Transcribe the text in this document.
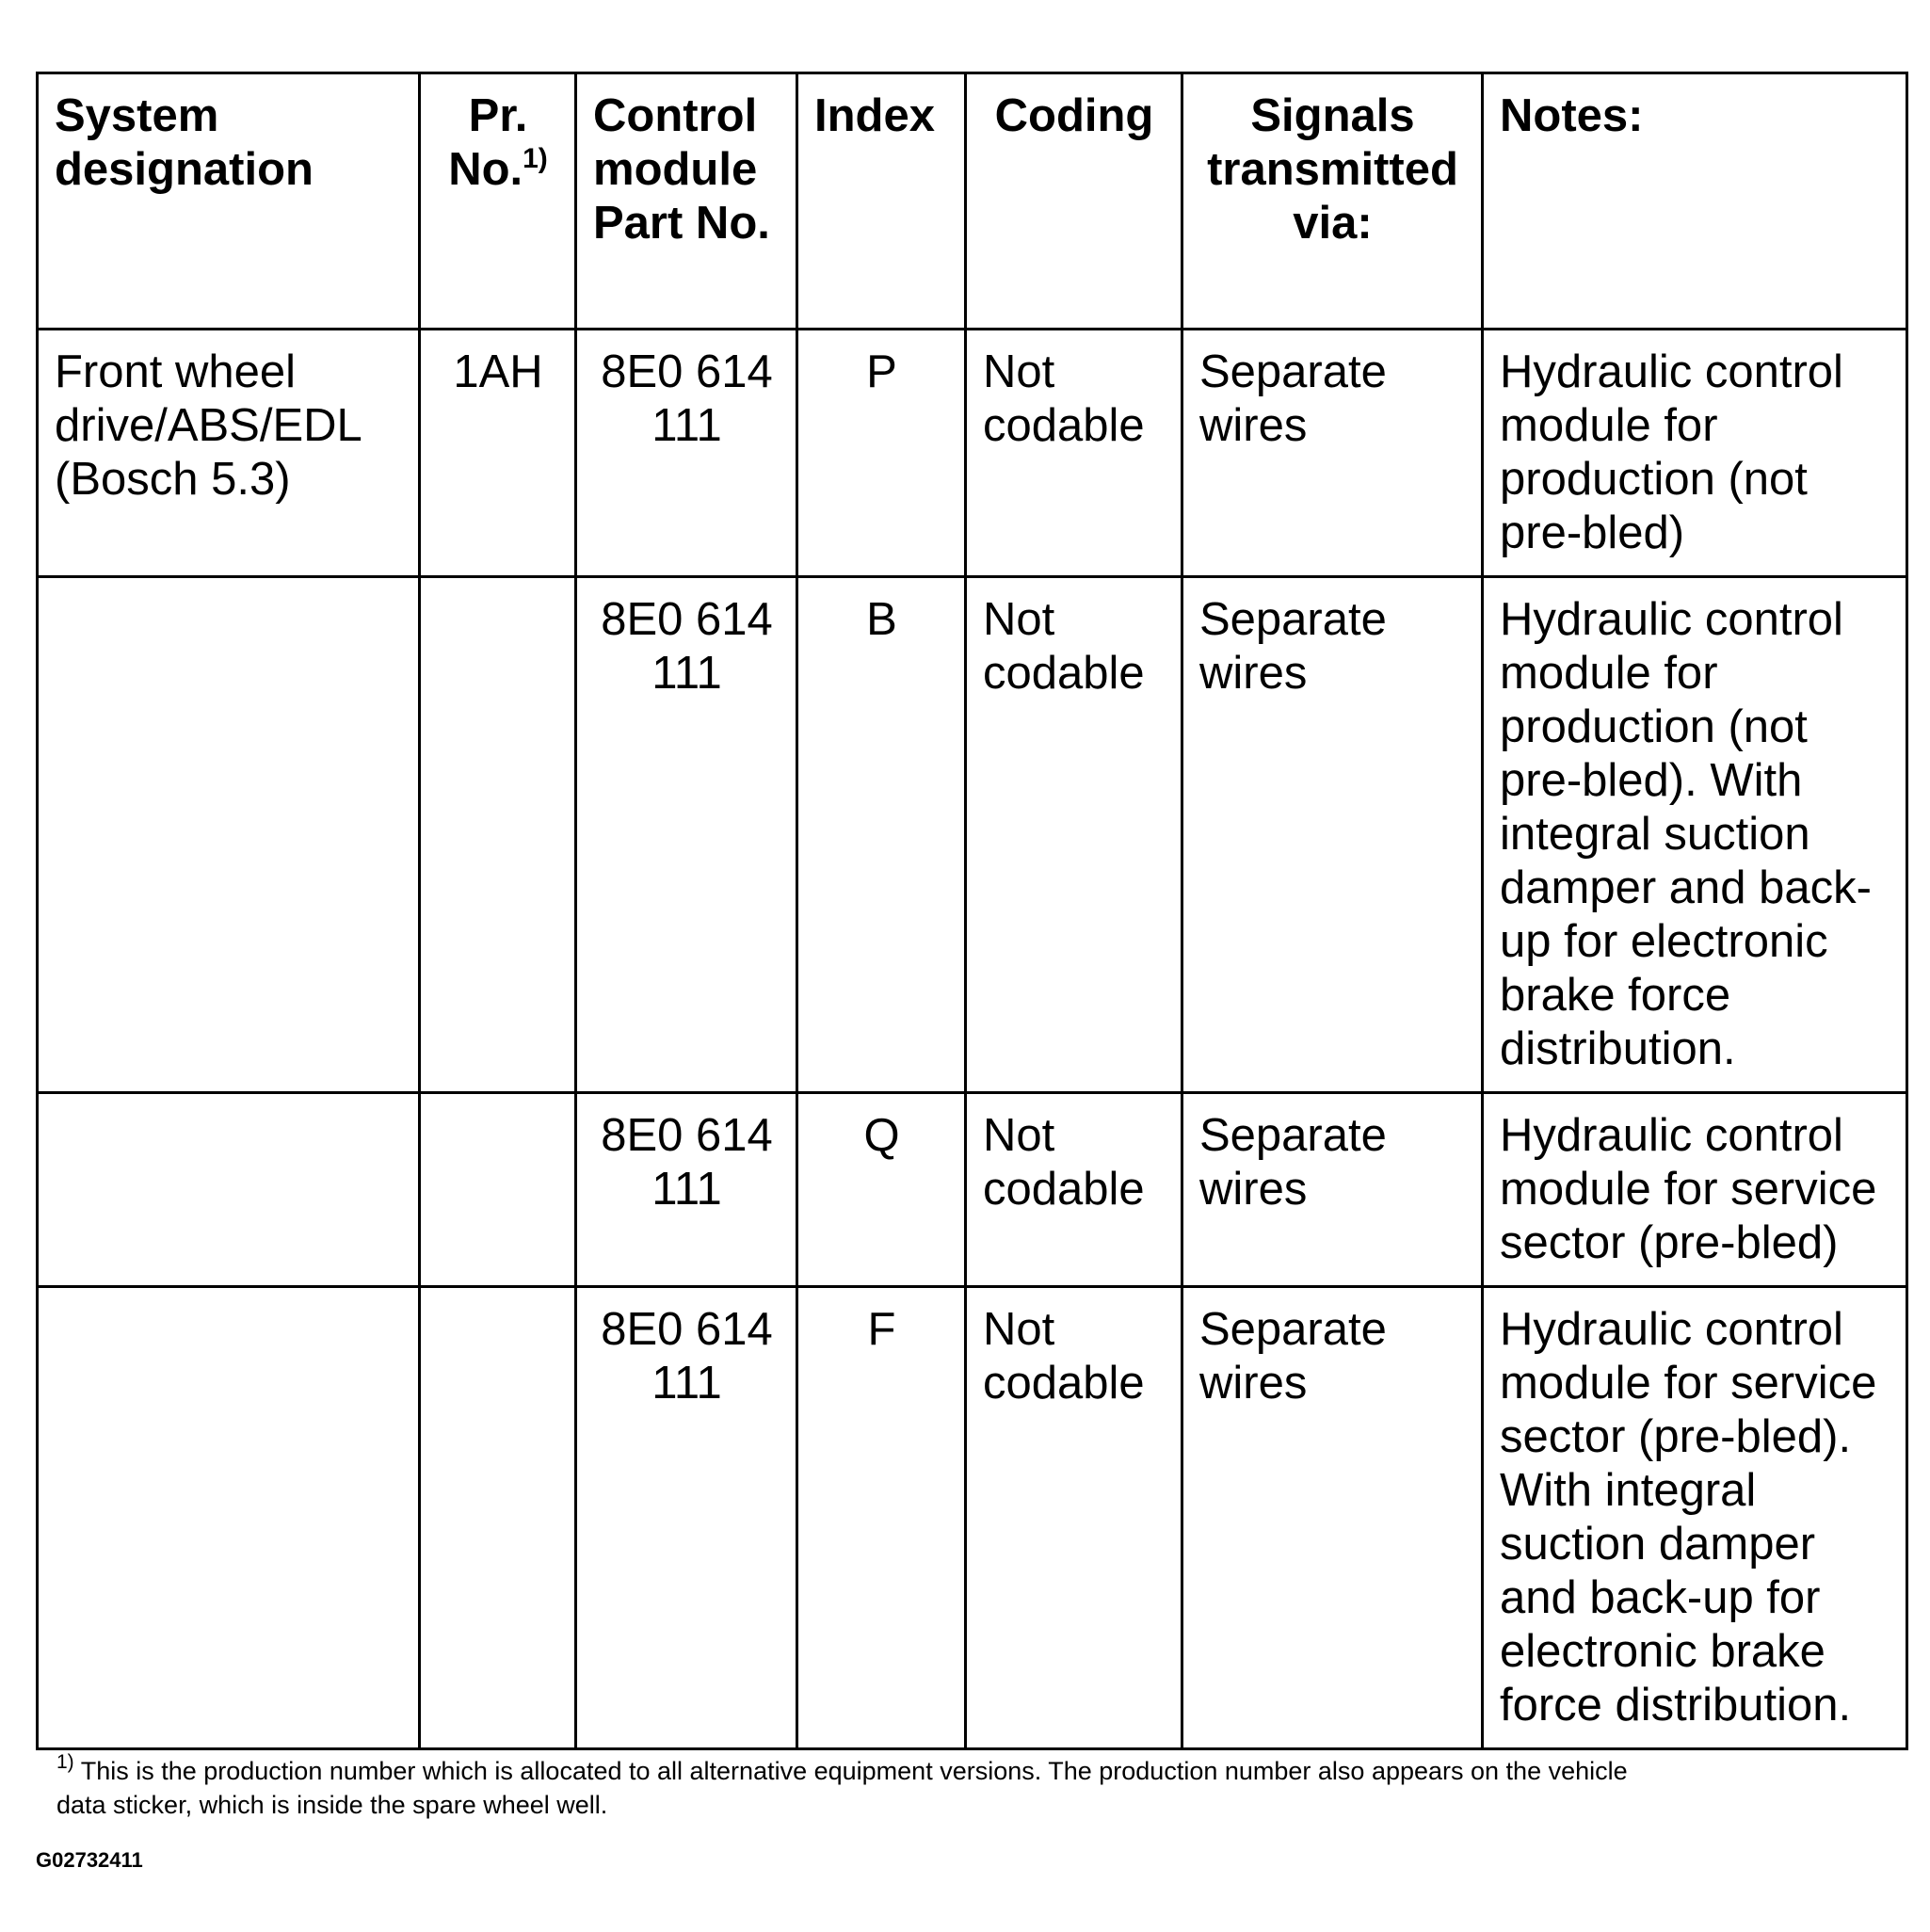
System designation	Pr. No.$^{1)}$	Control module Part No.	Index	Coding	Signals transmitted via:	Notes:
Front wheel drive/ABS/EDL (Bosch 5.3)	1AH	8E0 614 111	P	Not codable	Separate wires	Hydraulic control module for production (not pre-bled)
		8E0 614 111	B	Not codable	Separate wires	Hydraulic control module for production (not pre-bled). With integral suction damper and back-up for electronic brake force distribution.
		8E0 614 111	Q	Not codable	Separate wires	Hydraulic control module for service sector (pre-bled)
		8E0 614 111	F	Not codable	Separate wires	Hydraulic control module for service sector (pre-bled). With integral suction damper and back-up for electronic brake force distribution.
$^{1)}$ This is the production number which is allocated to all alternative equipment versions. The production number also appears on the vehicle data sticker, which is inside the spare wheel well.
G02732411
